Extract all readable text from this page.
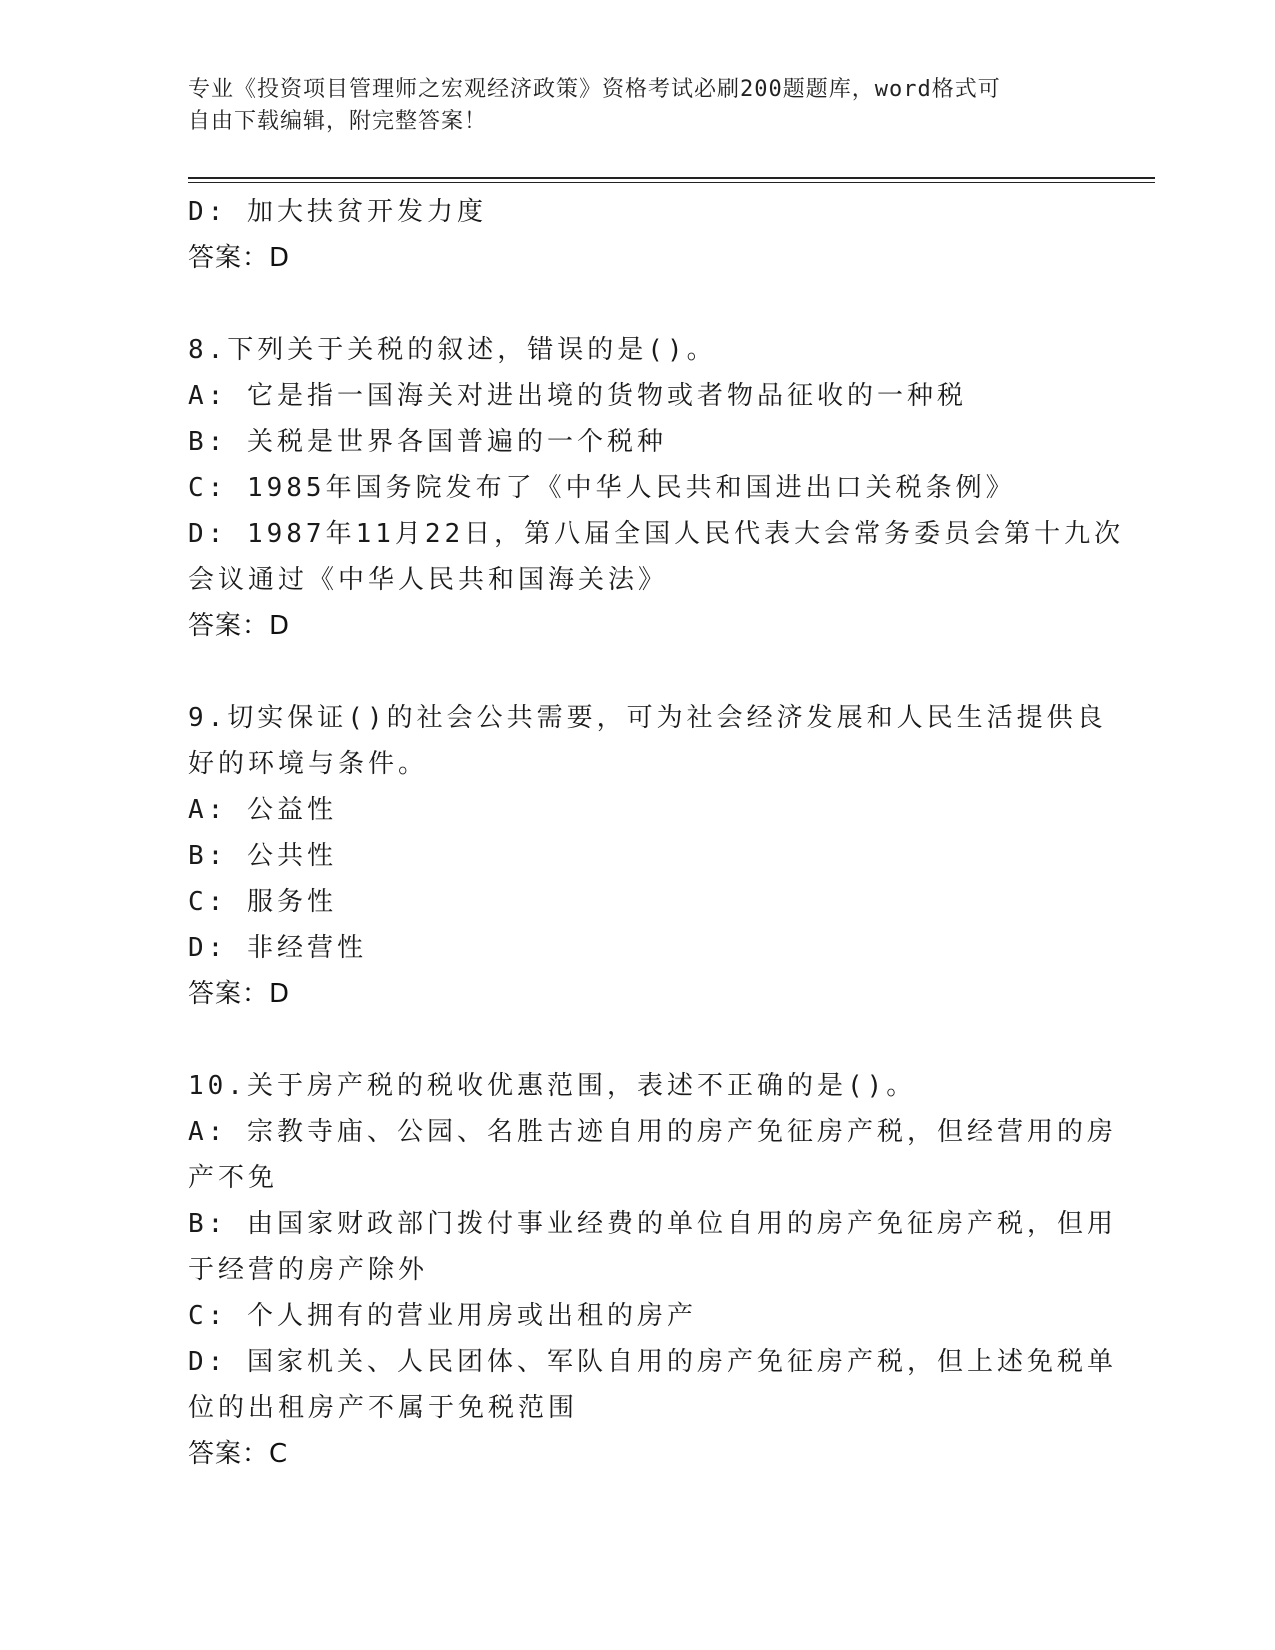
专业《投资项目管理师之宏观经济政策》资格考试必刷200题题库，word格式可
自由下载编辑，附完整答案！
D: 加大扶贫开发力度
答案：D
8.下列关于关税的叙述，错误的是()。
A: 它是指一国海关对进出境的货物或者物品征收的一种税
B: 关税是世界各国普遍的一个税种
C: 1985年国务院发布了《中华人民共和国进出口关税条例》
D: 1987年11月22日，第八届全国人民代表大会常务委员会第十九次
会议通过《中华人民共和国海关法》
答案：D
9.切实保证()的社会公共需要，可为社会经济发展和人民生活提供良
好的环境与条件。
A: 公益性
B: 公共性
C: 服务性
D: 非经营性
答案：D
10.关于房产税的税收优惠范围，表述不正确的是()。
A: 宗教寺庙、公园、名胜古迹自用的房产免征房产税，但经营用的房
产不免
B: 由国家财政部门拨付事业经费的单位自用的房产免征房产税，但用
于经营的房产除外
C: 个人拥有的营业用房或出租的房产
D: 国家机关、人民团体、军队自用的房产免征房产税，但上述免税单
位的出租房产不属于免税范围
答案：C
